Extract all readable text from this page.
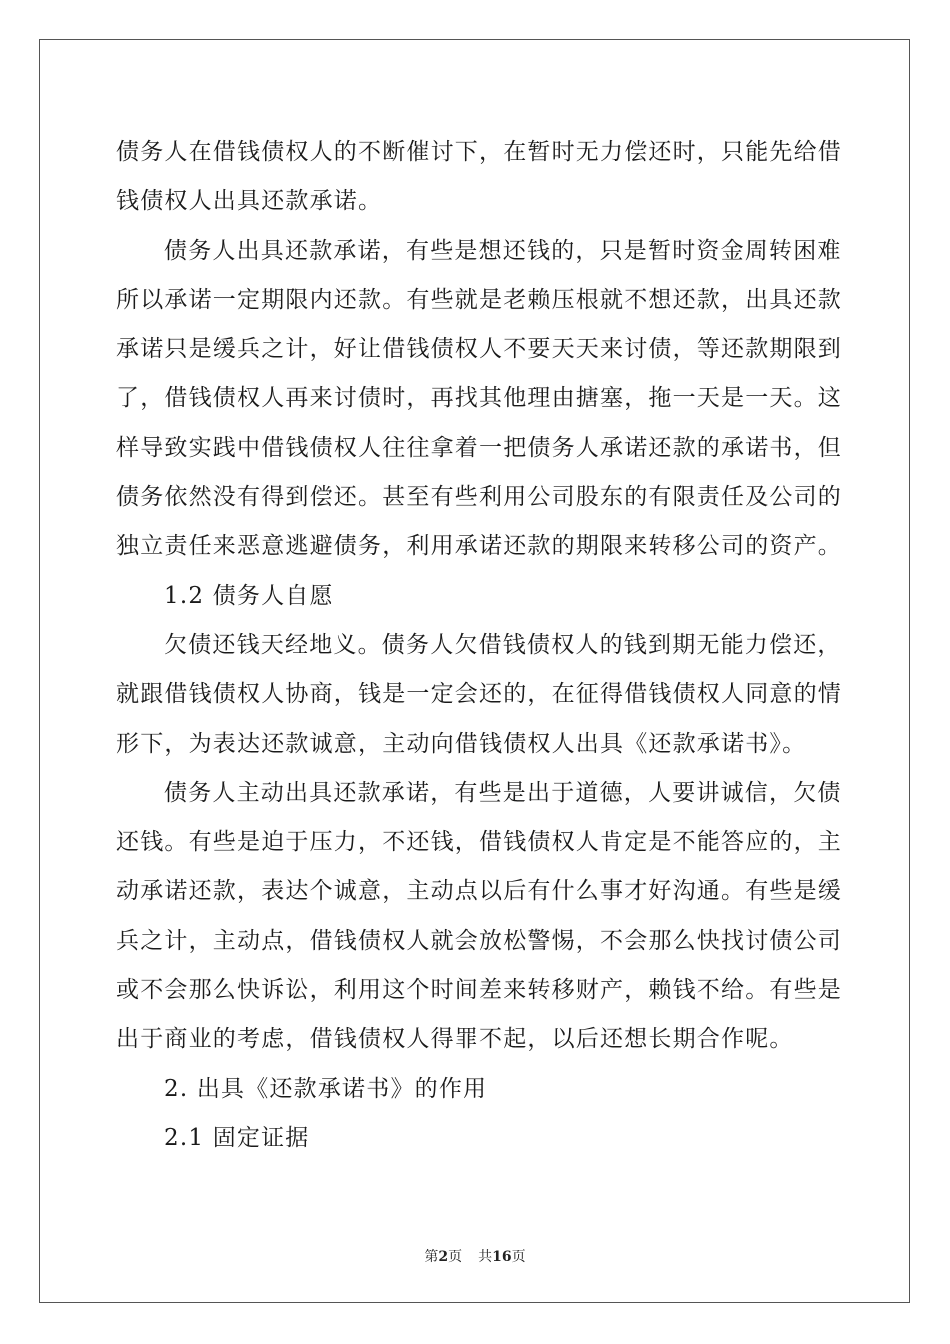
债务人在借钱债权人的不断催讨下，在暂时无力偿还时，只能先给借
钱债权人出具还款承诺。
债务人出具还款承诺，有些是想还钱的，只是暂时资金周转困难
所以承诺一定期限内还款。有些就是老赖压根就不想还款，出具还款
承诺只是缓兵之计，好让借钱债权人不要天天来讨债，等还款期限到
了，借钱债权人再来讨债时，再找其他理由搪塞，拖一天是一天。这
样导致实践中借钱债权人往往拿着一把债务人承诺还款的承诺书，但
债务依然没有得到偿还。甚至有些利用公司股东的有限责任及公司的
独立责任来恶意逃避债务，利用承诺还款的期限来转移公司的资产。
1.2 债务人自愿
欠债还钱天经地义。债务人欠借钱债权人的钱到期无能力偿还，
就跟借钱债权人协商，钱是一定会还的，在征得借钱债权人同意的情
形下，为表达还款诚意，主动向借钱债权人出具《还款承诺书》。
债务人主动出具还款承诺，有些是出于道德，人要讲诚信，欠债
还钱。有些是迫于压力，不还钱，借钱债权人肯定是不能答应的，主
动承诺还款，表达个诚意，主动点以后有什么事才好沟通。有些是缓
兵之计，主动点，借钱债权人就会放松警惕，不会那么快找讨债公司
或不会那么快诉讼，利用这个时间差来转移财产，赖钱不给。有些是
出于商业的考虑，借钱债权人得罪不起，以后还想长期合作呢。
2. 出具《还款承诺书》的作用
2.1 固定证据
第2页 共16页
